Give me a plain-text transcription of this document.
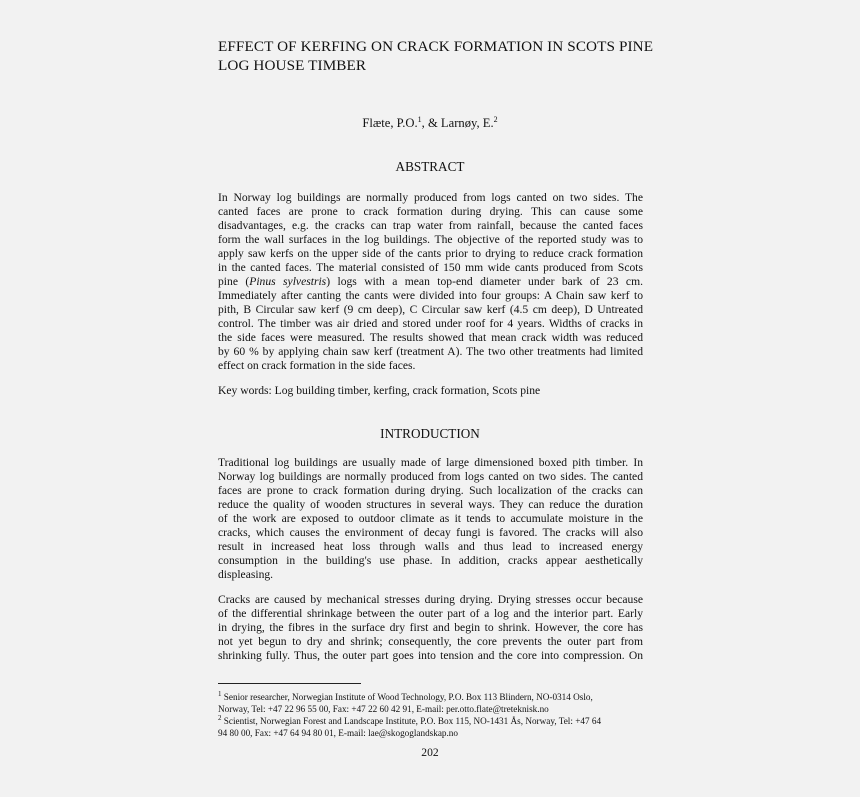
EFFECT OF KERFING ON CRACK FORMATION IN SCOTS PINE LOG HOUSE TIMBER
Flæte, P.O.$^1$, & Larnøy, E.$^2$
ABSTRACT
In Norway log buildings are normally produced from logs canted on two sides. The
canted faces are prone to crack formation during drying. This can cause some
disadvantages, e.g. the cracks can trap water from rainfall, because the canted faces
form the wall surfaces in the log buildings. The objective of the reported study was to
apply saw kerfs on the upper side of the cants prior to drying to reduce crack formation
in the canted faces. The material consisted of 150 mm wide cants produced from Scots
pine (Pinus sylvestris) logs with a mean top-end diameter under bark of 23 cm.
Immediately after canting the cants were divided into four groups: A Chain saw kerf to
pith, B Circular saw kerf (9 cm deep), C Circular saw kerf (4.5 cm deep), D Untreated
control. The timber was air dried and stored under roof for 4 years. Widths of cracks in
the side faces were measured. The results showed that mean crack width was reduced
by 60 % by applying chain saw kerf (treatment A). The two other treatments had limited
effect on crack formation in the side faces.
Key words: Log building timber, kerfing, crack formation, Scots pine
INTRODUCTION
Traditional log buildings are usually made of large dimensioned boxed pith timber. In
Norway log buildings are normally produced from logs canted on two sides. The canted
faces are prone to crack formation during drying. Such localization of the cracks can
reduce the quality of wooden structures in several ways. They can reduce the duration
of the work are exposed to outdoor climate as it tends to accumulate moisture in the
cracks, which causes the environment of decay fungi is favored. The cracks will also
result in increased heat loss through walls and thus lead to increased energy
consumption in the building's use phase. In addition, cracks appear aesthetically
displeasing.
Cracks are caused by mechanical stresses during drying. Drying stresses occur because
of the differential shrinkage between the outer part of a log and the interior part. Early
in drying, the fibres in the surface dry first and begin to shrink. However, the core has
not yet begun to dry and shrink; consequently, the core prevents the outer part from
shrinking fully. Thus, the outer part goes into tension and the core into compression. On
$^1$ Senior researcher, Norwegian Institute of Wood Technology, P.O. Box 113 Blindern, NO-0314 Oslo,
Norway, Tel: +47 22 96 55 00, Fax: +47 22 60 42 91, E-mail: per.otto.flate@treteknisk.no
$^2$ Scientist, Norwegian Forest and Landscape Institute, P.O. Box 115, NO-1431 Ås, Norway, Tel: +47 64
94 80 00, Fax: +47 64 94 80 01, E-mail: lae@skogoglandskap.no
202
